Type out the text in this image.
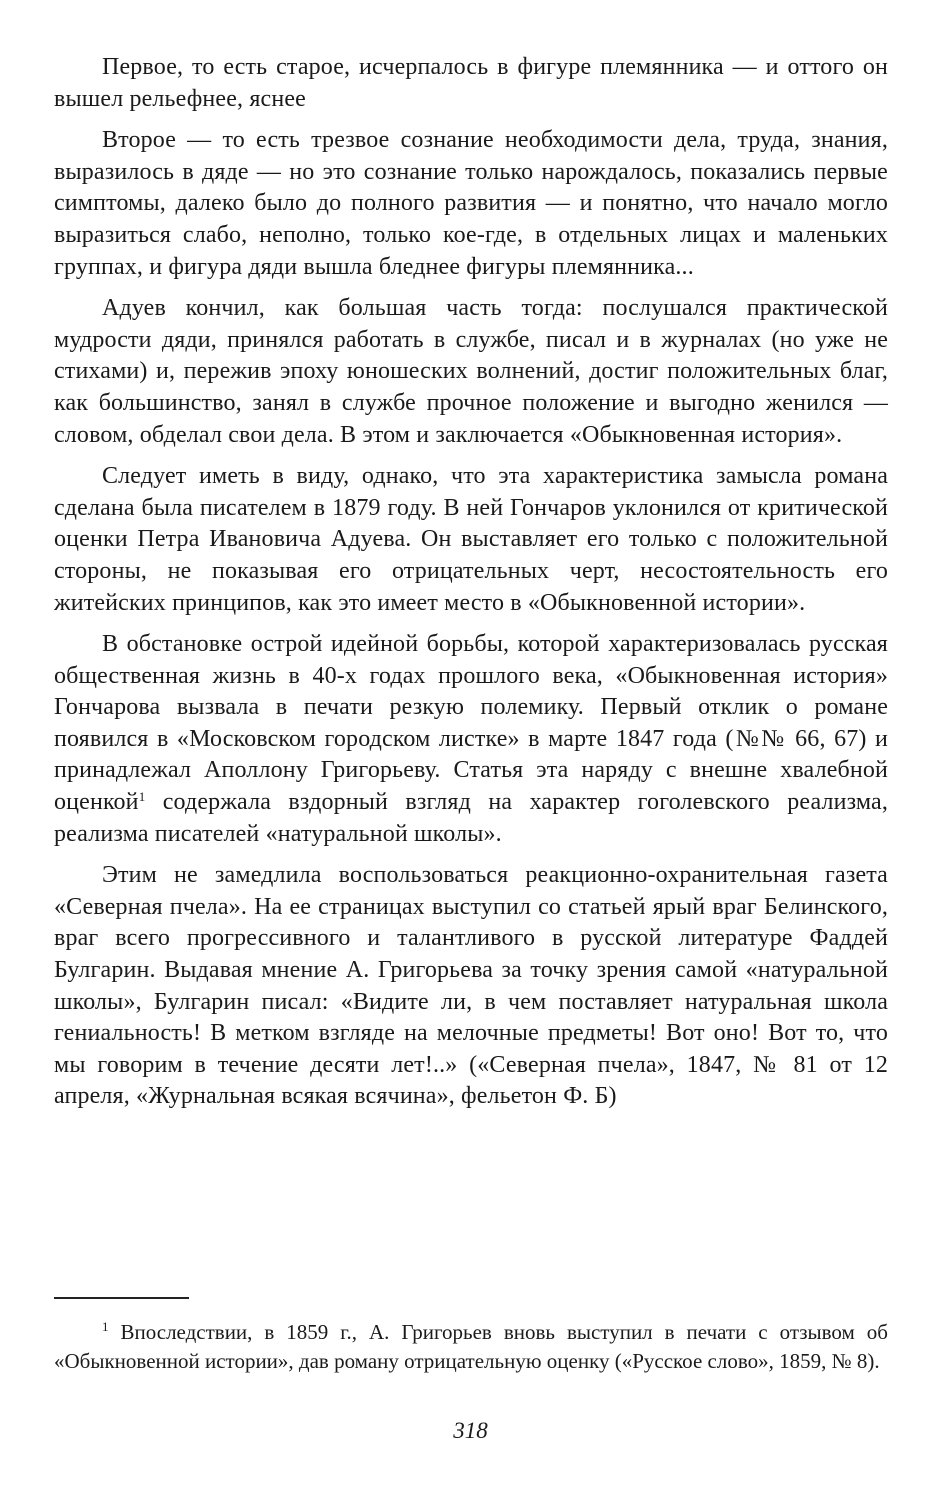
Первое, то есть старое, исчерпалось в фигуре племянника — и оттого он вышел рельефнее, яснее

Второе — то есть трезвое сознание необходимости дела, труда, знания, выразилось в дяде — но это сознание только нарождалось, показались первые симптомы, далеко было до полного развития — и понятно, что начало могло выразиться слабо, неполно, только кое-где, в отдельных лицах и маленьких группах, и фигура дяди вышла бледнее фигуры племянника...

Адуев кончил, как большая часть тогда: послушался практической мудрости дяди, принялся работать в службе, писал и в журналах (но уже не стихами) и, пережив эпоху юношеских волнений, достиг положительных благ, как большинство, занял в службе прочное положение и выгодно женился — словом, обделал свои дела. В этом и заключается «Обыкновенная история».

Следует иметь в виду, однако, что эта характеристика замысла романа сделана была писателем в 1879 году. В ней Гончаров уклонился от критической оценки Петра Ивановича Адуева. Он выставляет его только с положительной стороны, не показывая его отрицательных черт, несостоятельность его житейских принципов, как это имеет место в «Обыкновенной истории».

В обстановке острой идейной борьбы, которой характеризовалась русская общественная жизнь в 40-х годах прошлого века, «Обыкновенная история» Гончарова вызвала в печати резкую полемику. Первый отклик о романе появился в «Московском городском листке» в марте 1847 года (№№ 66, 67) и принадлежал Аполлону Григорьеву. Статья эта наряду с внешне хвалебной оценкой$^1$ содержала вздорный взгляд на характер гоголевского реализма, реализма писателей «натуральной школы».

Этим не замедлила воспользоваться реакционно-охранительная газета «Северная пчела». На ее страницах выступил со статьей ярый враг Белинского, враг всего прогрессивного и талантливого в русской литературе Фаддей Булгарин. Выдавая мнение А. Григорьева за точку зрения самой «натуральной школы», Булгарин писал: «Видите ли, в чем поставляет натуральная школа гениальность! В метком взгляде на мелочные предметы! Вот оно! Вот то, что мы говорим в течение десяти лет!..» («Северная пчела», 1847, № 81 от 12 апреля, «Журнальная всякая всячина», фельетон Ф. Б)

$^1$ Впоследствии, в 1859 г., А. Григорьев вновь выступил в печати с отзывом об «Обыкновенной истории», дав роману отрицательную оценку («Русское слово», 1859, № 8).

318
